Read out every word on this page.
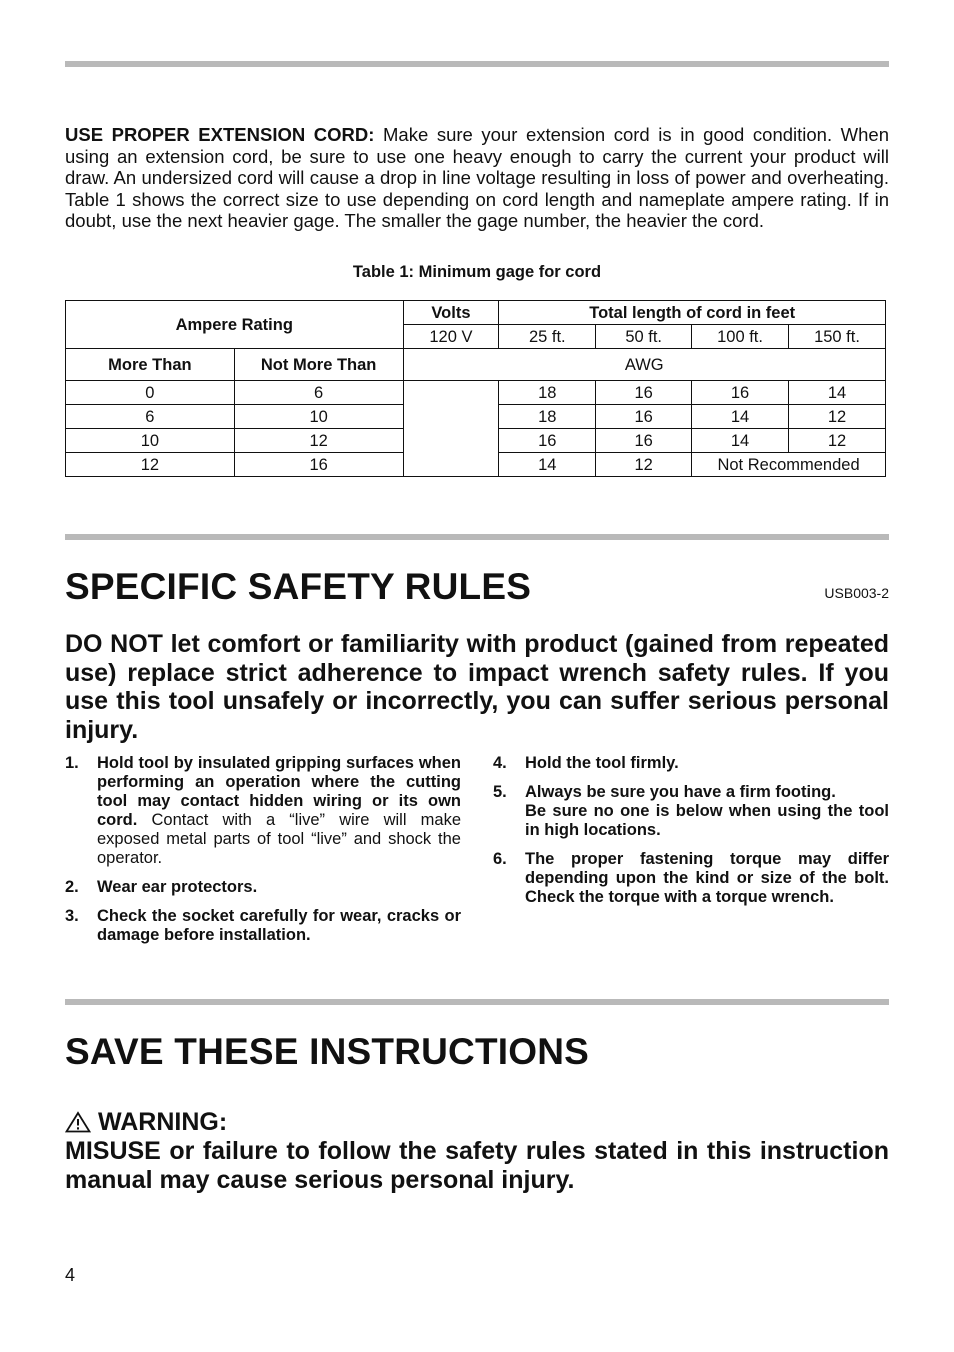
USE PROPER EXTENSION CORD: Make sure your extension cord is in good condition. When using an extension cord, be sure to use one heavy enough to carry the current your product will draw. An undersized cord will cause a drop in line voltage resulting in loss of power and overheating. Table 1 shows the correct size to use depending on cord length and nameplate ampere rating. If in doubt, use the next heavier gage. The smaller the gage number, the heavier the cord.

Table 1: Minimum gage for cord

Ampere Rating		Volts	Total length of cord in feet			
		120 V	25 ft.	50 ft.	100 ft.	150 ft.
More Than	Not More Than	AWG				
0	6		18	16	16	14
6	10		18	16	14	12
10	12		16	16	14	12
12	16		14	12	Not Recommended	
SPECIFIC SAFETY RULES	USB003-2

DO NOT let comfort or familiarity with product (gained from repeated use) replace strict adherence to impact wrench safety rules. If you use this tool unsafely or incorrectly, you can suffer serious personal injury.

1. Hold tool by insulated gripping surfaces when performing an operation where the cutting tool may contact hidden wiring or its own cord. Contact with a “live” wire will make exposed metal parts of tool “live” and shock the operator.
2. Wear ear protectors.
3. Check the socket carefully for wear, cracks or damage before installation.
4. Hold the tool firmly.
5. Always be sure you have a firm footing.
Be sure no one is below when using the tool in high locations.
6. The proper fastening torque may differ depending upon the kind or size of the bolt. Check the torque with a torque wrench.
SAVE THESE INSTRUCTIONS
WARNING:

MISUSE or failure to follow the safety rules stated in this instruction manual may cause serious personal injury.

4
